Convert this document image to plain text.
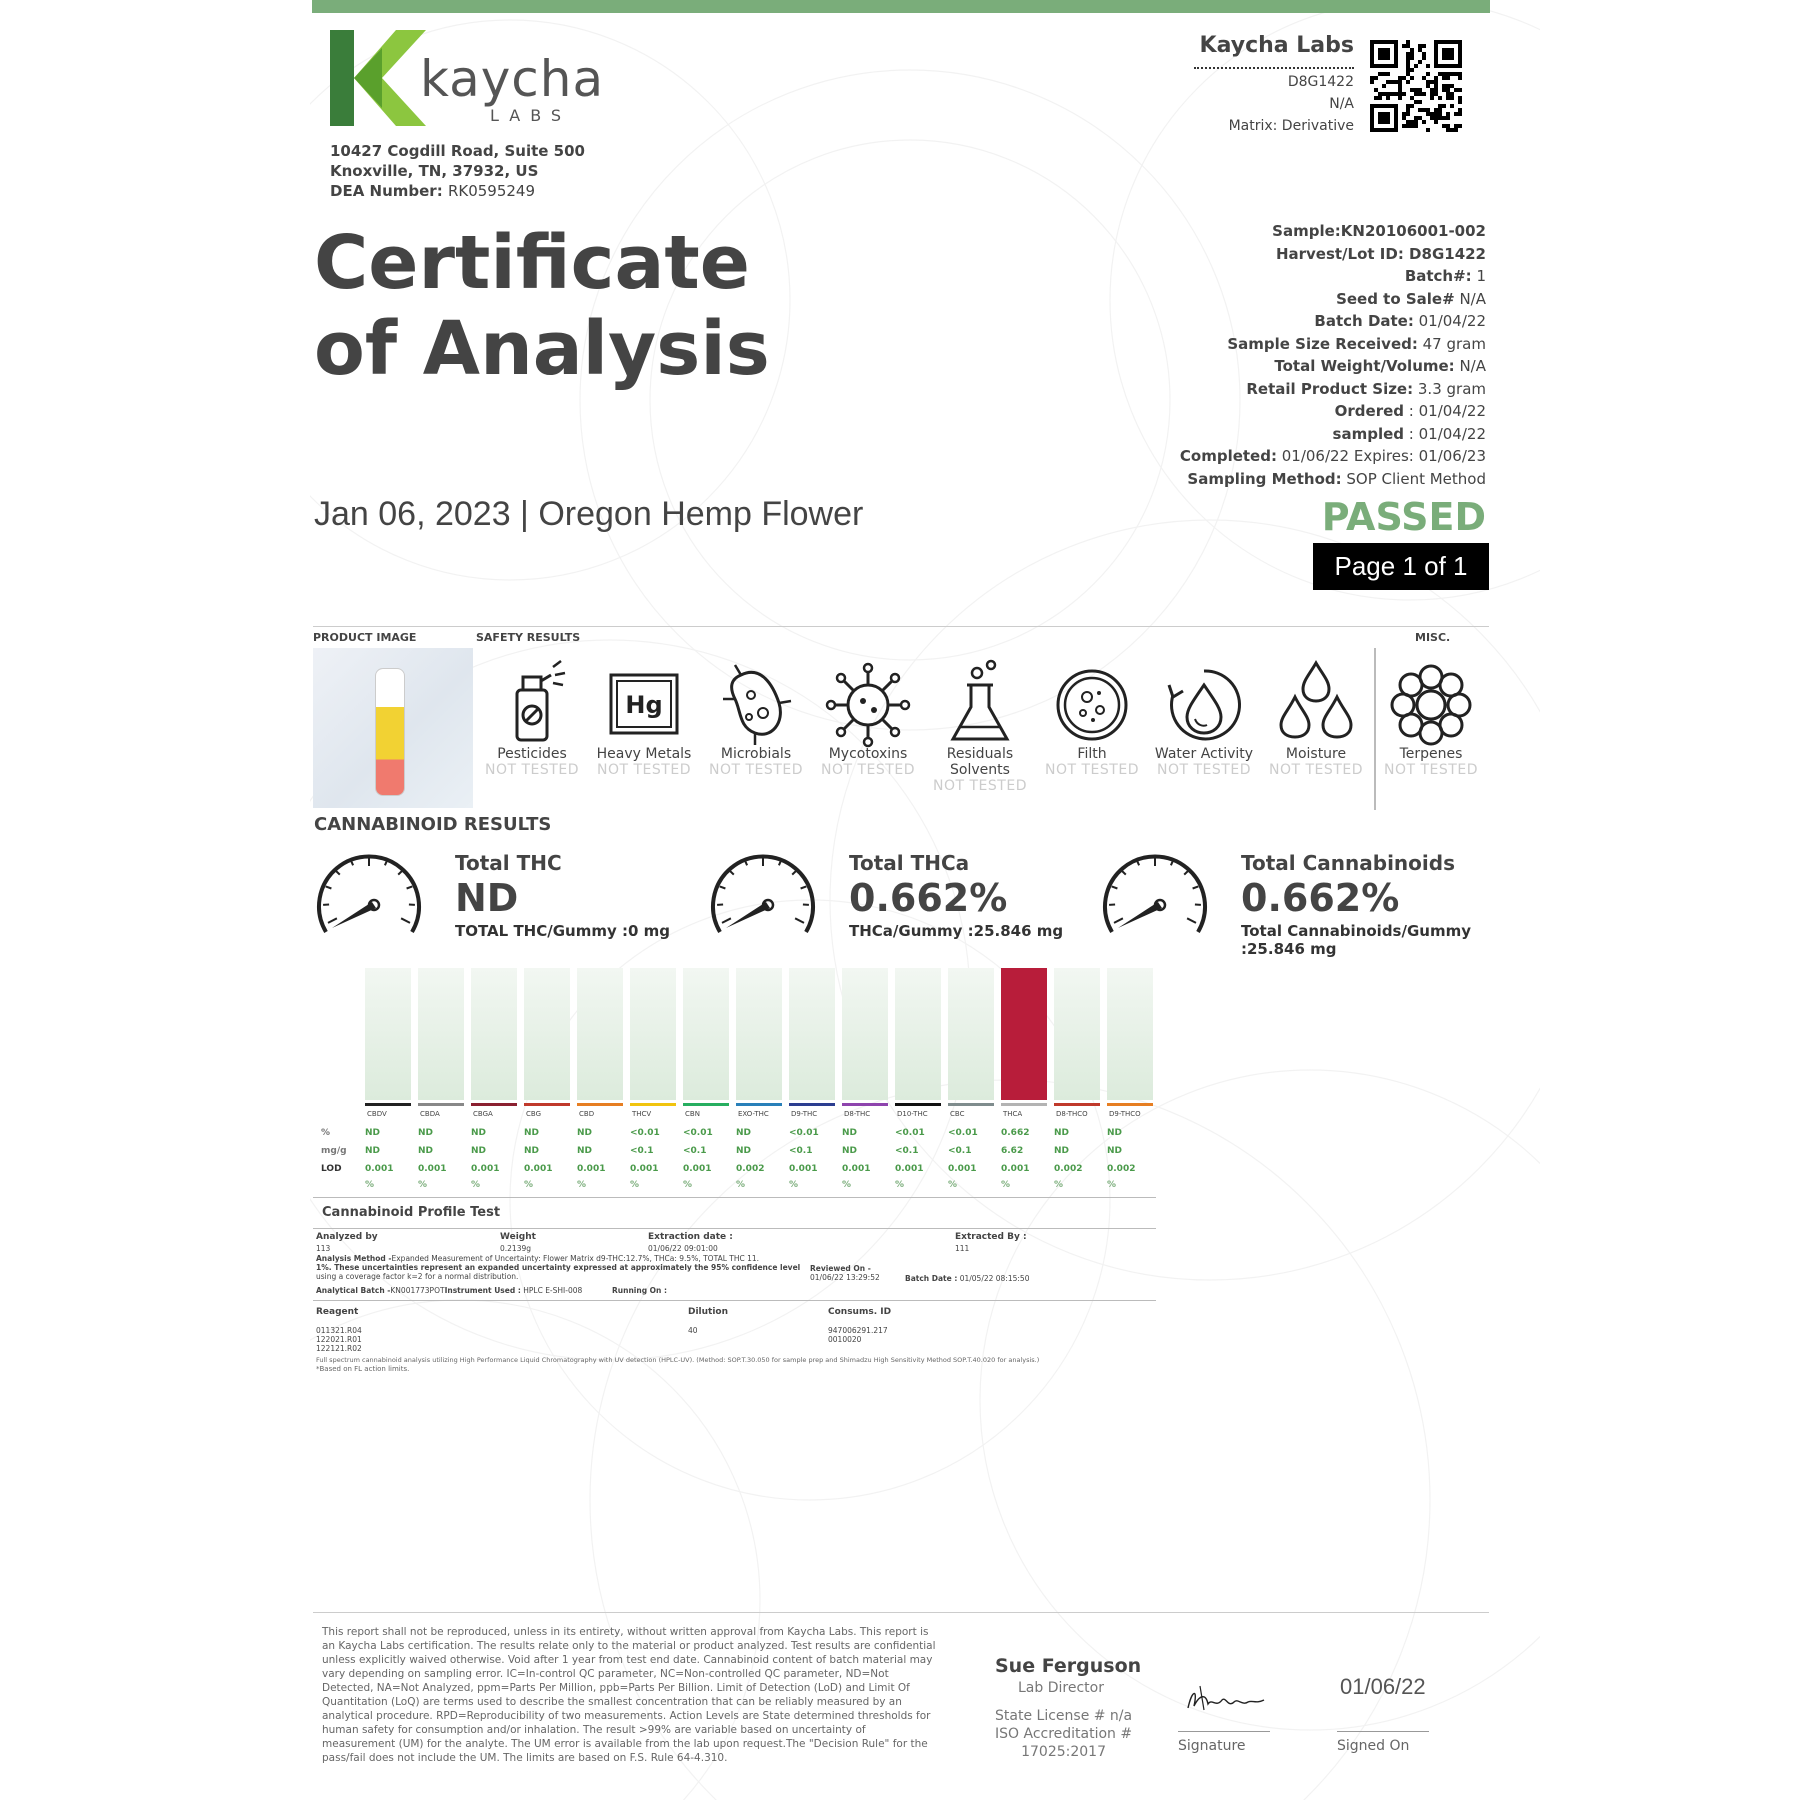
kaycha
LABS
10427 Cogdill Road, Suite 500
Knoxville, TN, 37932, US
DEA Number: RK0595249
Kaycha Labs
D8G1422
N/A
Matrix: Derivative
Certificate
of Analysis
Jan 06, 2023 | Oregon Hemp Flower
Sample:KN20106001-002
Harvest/Lot ID: D8G1422
Batch#: 1
Seed to Sale# N/A
Batch Date: 01/04/22
Sample Size Received: 47 gram
Total Weight/Volume: N/A
Retail Product Size: 3.3 gram
Ordered : 01/04/22
sampled : 01/04/22
Completed: 01/06/22 Expires: 01/06/23
Sampling Method: SOP Client Method
PASSED
Page 1 of 1
PRODUCT IMAGE	SAFETY RESULTS	MISC.
Pesticides
NOT TESTED
Hg
Heavy Metals
NOT TESTED
Microbials
NOT TESTED
Mycotoxins
NOT TESTED
Residuals
Solvents
NOT TESTED
Filth
NOT TESTED
Water Activity
NOT TESTED
Moisture
NOT TESTED
Terpenes
NOT TESTED
CANNABINOID RESULTS
Total THC
ND
TOTAL THC/Gummy :0 mg
Total THCa
0.662%
THCa/Gummy :25.846 mg
Total Cannabinoids
0.662%
Total Cannabinoids/Gummy
:25.846 mg
CBDV	CBDA	CBGA	CBG	CBD	THCV	CBN	EXO-THC	D9-THC	D8-THC	D10-THC	CBC	THCA	D8-THCO	D9-THCO
%	ND	ND	ND	ND	ND	<0.01	<0.01	ND	<0.01	ND	<0.01	<0.01	0.662	ND	ND
mg/g ND	ND	ND	ND	ND	<0.1	<0.1	ND	<0.1	ND	<0.1	<0.1	6.62	ND	ND
LOD	0.001	0.001	0.001	0.001	0.001	0.001	0.001	0.002	0.001	0.001	0.001	0.001	0.001	0.002	0.002
%	%	%	%	%	%	%	%	%	%	%	%	%	%	%
Cannabinoid Profile Test
Analyzed by
113
Weight
0.2139g
Extraction date :
01/06/22 09:01:00
Extracted By :
111
Analysis Method -Expanded Measurement of Uncertainty: Flower Matrix d9-THC:12.7%, THCa: 9.5%, TOTAL THC 11.
1%. These uncertainties represent an expanded uncertainty expressed at approximately the 95% confidence level
using a coverage factor k=2 for a normal distribution.
Reviewed On -
01/06/22 13:29:52	Batch Date : 01/05/22 08:15:50
Analytical Batch -KN001773POTInstrument Used : HPLC E-SHI-008	Running On :
Reagent	Dilution	Consums. ID
011321.R04
122021.R01
122121.R02
40	947006291.217
0010020
Full spectrum cannabinoid analysis utilizing High Performance Liquid Chromatography with UV detection (HPLC-UV). (Method: SOP.T.30.050 for sample prep and Shimadzu High Sensitivity Method SOP.T.40.020 for analysis.)
*Based on FL action limits.
This report shall not be reproduced, unless in its entirety, without written approval from Kaycha Labs. This report is an Kaycha Labs certification. The results relate only to the material or product analyzed. Test results are confidential unless explicitly waived otherwise. Void after 1 year from test end date. Cannabinoid content of batch material may vary depending on sampling error. IC=In-control QC parameter, NC=Non-controlled QC parameter, ND=Not Detected, NA=Not Analyzed, ppm=Parts Per Million, ppb=Parts Per Billion. Limit of Detection (LoD) and Limit Of Quantitation (LoQ) are terms used to describe the smallest concentration that can be reliably measured by an analytical procedure. RPD=Reproducibility of two measurements. Action Levels are State determined thresholds for human safety for consumption and/or inhalation. The result >99% are variable based on uncertainty of measurement (UM) for the analyte. The UM error is available from the lab upon request.The "Decision Rule" for the pass/fail does not include the UM. The limits are based on F.S. Rule 64-4.310.
Sue Ferguson
Lab Director
State License # n/a
ISO Accreditation #
17025:2017	Signature
01/06/22
Signed On
